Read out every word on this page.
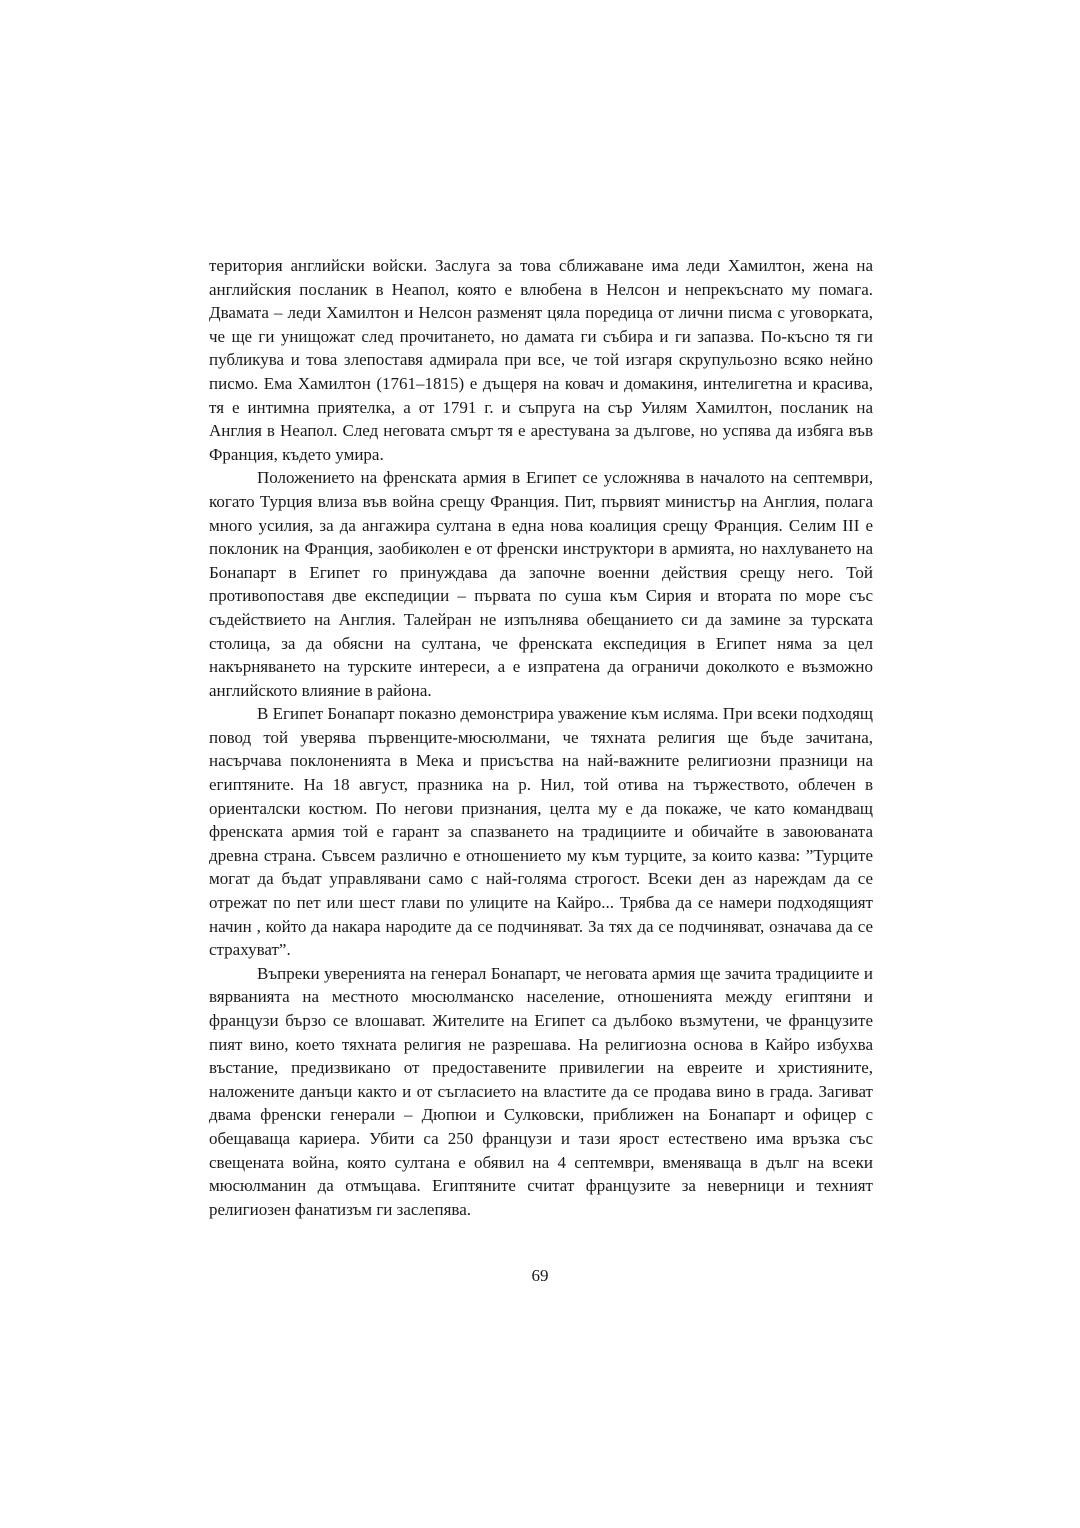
територия английски войски. Заслуга за това сближаване има леди Хамилтон, жена на английския посланик в Неапол, която е влюбена в Нелсон и непрекъснато му помага. Двамата – леди Хамилтон и Нелсон разменят цяла поредица от лични писма с уговорката, че ще ги унищожат след прочитането, но дамата ги събира и ги запазва. По-късно тя ги публикува и това злепоставя адмирала при все, че той изгаря скрупульозно всяко нейно писмо. Ема Хамилтон (1761–1815) е дъщеря на ковач и домакиня, интелигетна и красива, тя е интимна приятелка, а от 1791 г. и съпруга на сър Уилям Хамилтон, посланик на Англия в Неапол. След неговата смърт тя е арестувана за дългове, но успява да избяга във Франция, където умира.

Положението на френската армия в Египет се усложнява в началото на септември, когато Турция влиза във война срещу Франция. Пит, първият министър на Англия, полага много усилия, за да ангажира султана в една нова коалиция срещу Франция. Селим III е поклоник на Франция, заобиколен е от френски инструктори в армията, но нахлуването на Бонапарт в Египет го принуждава да започне военни действия срещу него. Той противопоставя две експедиции – първата по суша към Сирия и втората по море със съдействието на Англия. Талейран не изпълнява обещанието си да замине за турската столица, за да обясни на султана, че френската експедиция в Египет няма за цел накърняването на турските интереси, а е изпратена да ограничи доколкото е възможно английското влияние в района.

В Египет Бонапарт показно демонстрира уважение към исляма. При всеки подходящ повод той уверява първенците-мюсюлмани, че тяхната религия ще бъде зачитана, насърчава поклоненията в Мека и присъства на най-важните религиозни празници на египтяните. На 18 август, празника на р. Нил, той отива на тържеството, облечен в ориенталски костюм. По негови признания, целта му е да покаже, че като командващ френската армия той е гарант за спазването на традициите и обичайте в завоюваната древна страна. Съвсем различно е отношението му към турците, за които казва: ”Турците могат да бъдат управлявани само с най-голяма строгост. Всеки ден аз нареждам да се отрежат по пет или шест глави по улиците на Кайро... Трябва да се намери подходящият начин , който да накара народите да се подчиняват. За тях да се подчиняват, означава да се страхуват”.

Въпреки уверенията на генерал Бонапарт, че неговата армия ще зачита традициите и вярванията на местното мюсюлманско население, отношенията между египтяни и французи бързо се влошават. Жителите на Египет са дълбоко възмутени, че французите пият вино, което тяхната религия не разрешава. На религиозна основа в Кайро избухва въстание, предизвикано от предоставените привилегии на евреите и християните, наложените данъци както и от съгласието на властите да се продава вино в града. Загиват двама френски генерали – Дюпюи и Сулковски, приближен на Бонапарт и офицер с обещаваща кариера. Убити са 250 французи и тази ярост естествено има връзка със свещената война, която султана е обявил на 4 септември, вменяваща в дълг на всеки мюсюлманин да отмъщава. Египтяните считат французите за неверници и техният религиозен фанатизъм ги заслепява.

69
